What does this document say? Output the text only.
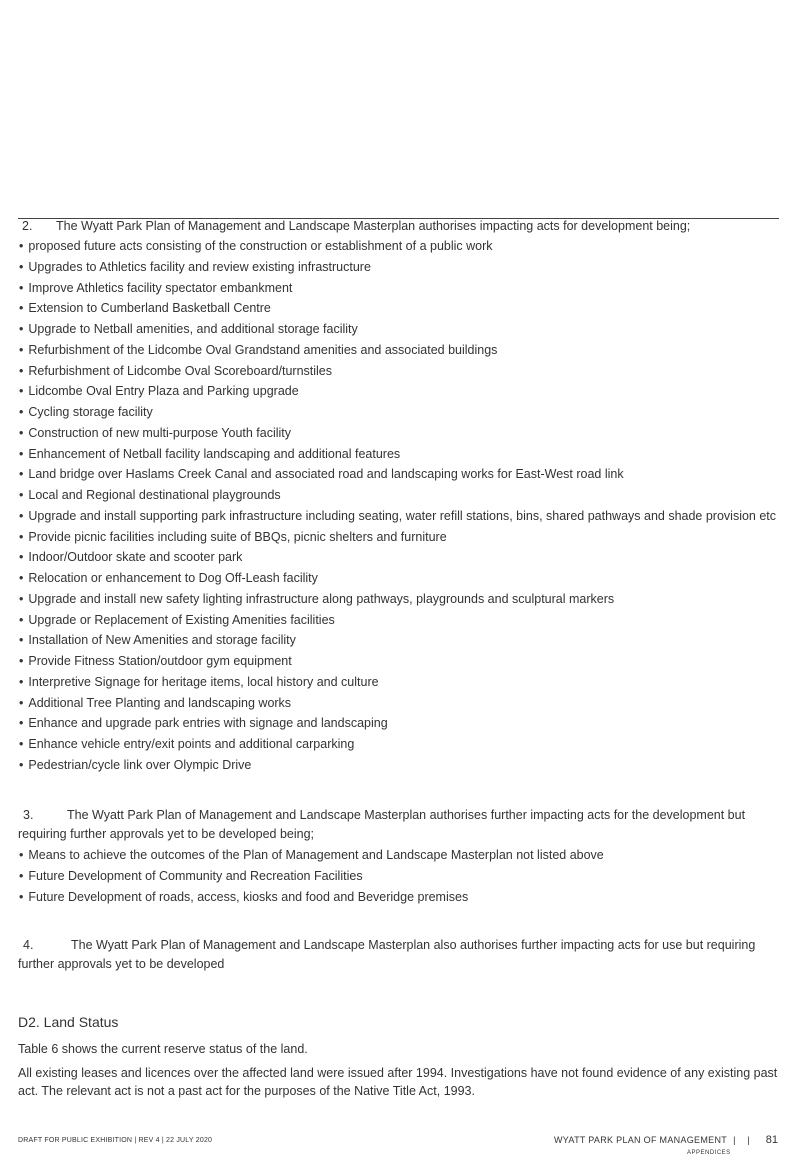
2. The Wyatt Park Plan of Management and Landscape Masterplan authorises impacting acts for development being;
• proposed future acts consisting of the construction or establishment of a public work
• Upgrades to Athletics facility and review existing infrastructure
• Improve Athletics facility spectator embankment
• Extension to Cumberland Basketball Centre
• Upgrade to Netball amenities, and additional storage facility
• Refurbishment of the Lidcombe Oval Grandstand amenities and associated buildings
• Refurbishment of Lidcombe Oval Scoreboard/turnstiles
• Lidcombe Oval Entry Plaza and Parking upgrade
• Cycling storage facility
• Construction of new multi-purpose Youth facility
• Enhancement of Netball facility landscaping and additional features
• Land bridge over Haslams Creek Canal and associated road and landscaping works for East-West road link
• Local and Regional destinational playgrounds
• Upgrade and install supporting park infrastructure including seating, water refill stations, bins, shared pathways and shade provision etc
• Provide picnic facilities including suite of BBQs, picnic shelters and furniture
• Indoor/Outdoor skate and scooter park
• Relocation or enhancement to Dog Off-Leash facility
• Upgrade and install new safety lighting infrastructure along pathways, playgrounds and sculptural markers
• Upgrade or Replacement of Existing Amenities facilities
• Installation of New Amenities and storage facility
• Provide Fitness Station/outdoor gym equipment
• Interpretive Signage for heritage items, local history and culture
• Additional Tree Planting and landscaping works
• Enhance and upgrade park entries with signage and landscaping
• Enhance vehicle entry/exit points and additional carparking
• Pedestrian/cycle link over Olympic Drive
3.	The Wyatt Park Plan of Management and Landscape Masterplan authorises further impacting acts for the development but requiring further approvals yet to be developed being;
• Means to achieve the outcomes of the Plan of Management and Landscape Masterplan not listed above
• Future Development of Community and Recreation Facilities
• Future Development of roads, access, kiosks and food and Beveridge premises
4.	The Wyatt Park Plan of Management and Landscape Masterplan also authorises further impacting acts for use but requiring further approvals yet to be developed
D2. Land Status
Table 6 shows the current reserve status of the land.
All existing leases and licences over the affected land were issued after 1994. Investigations have not found evidence of any existing past act. The relevant act is not a past act for the purposes of the Native Title Act, 1993.
DRAFT FOR PUBLIC EXHIBITION | REV 4 | 22 JULY 2020	WYATT PARK PLAN OF MANAGEMENT | | 81
APPENDICES
